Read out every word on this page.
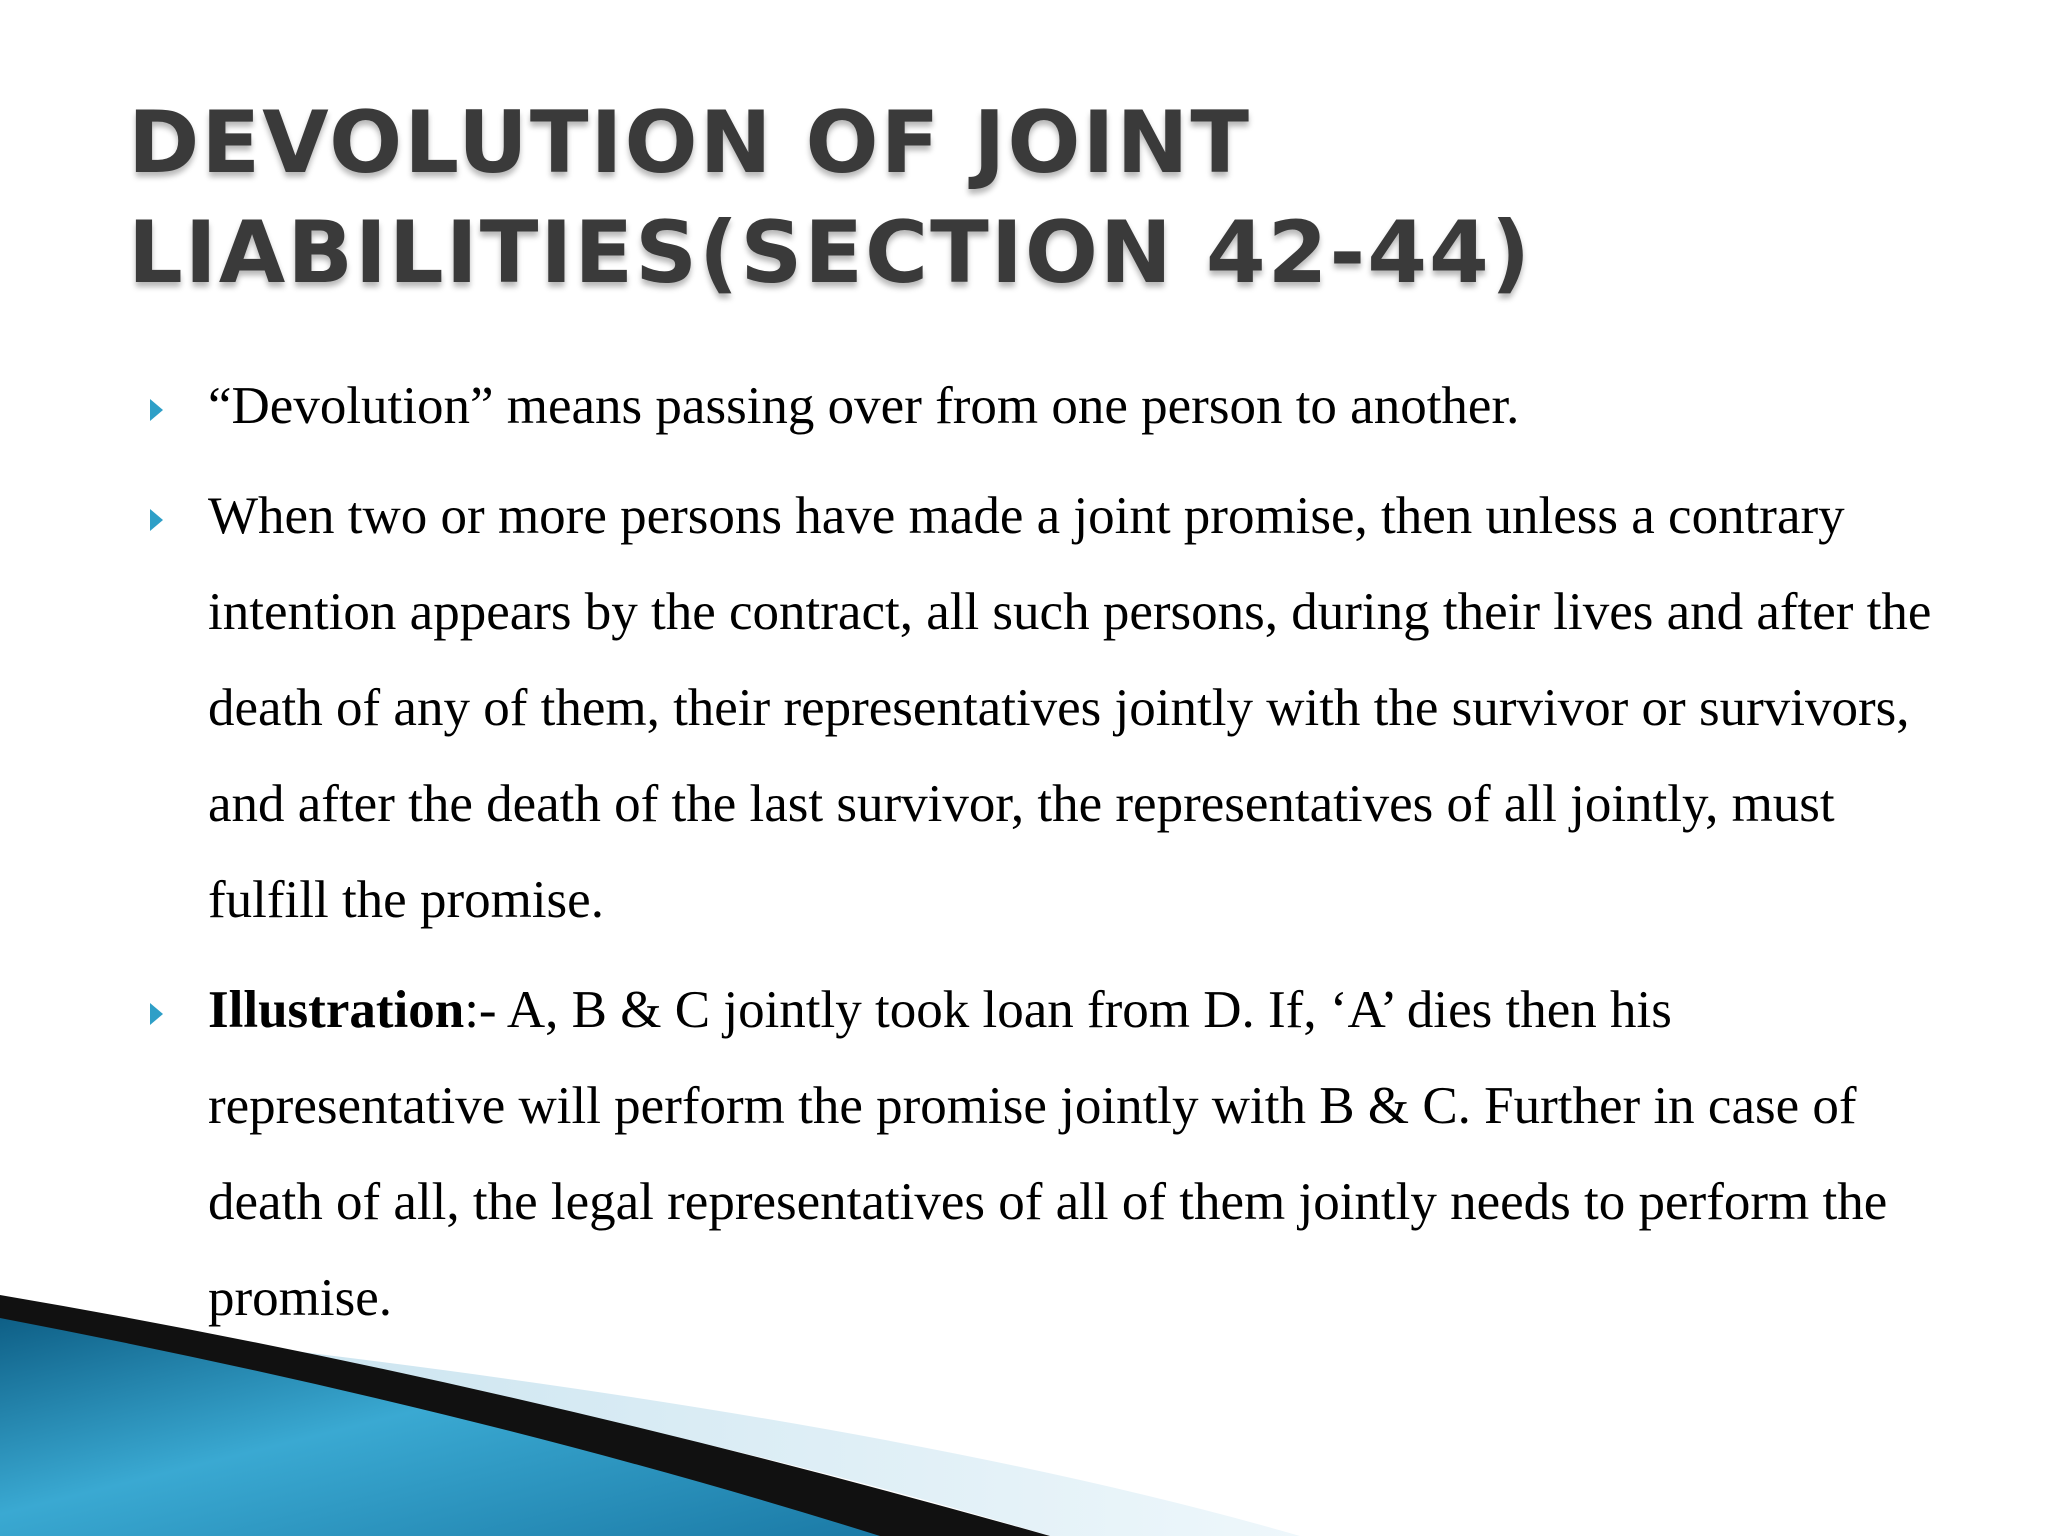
DEVOLUTION OF JOINT
LIABILITIES(SECTION 42-44)
“Devolution” means passing over from one person to another.
When two or more persons have made a joint promise, then unless a contrary intention appears by the contract, all such persons, during their lives and after the death of any of them, their representatives jointly with the survivor or survivors, and after the death of the last survivor, the representatives of all jointly, must fulfill the promise.
Illustration:- A, B & C jointly took loan from D. If, ‘A’ dies then his representative will perform the promise jointly with B & C. Further in case of death of all, the legal representatives of all of them jointly needs to perform the promise.
